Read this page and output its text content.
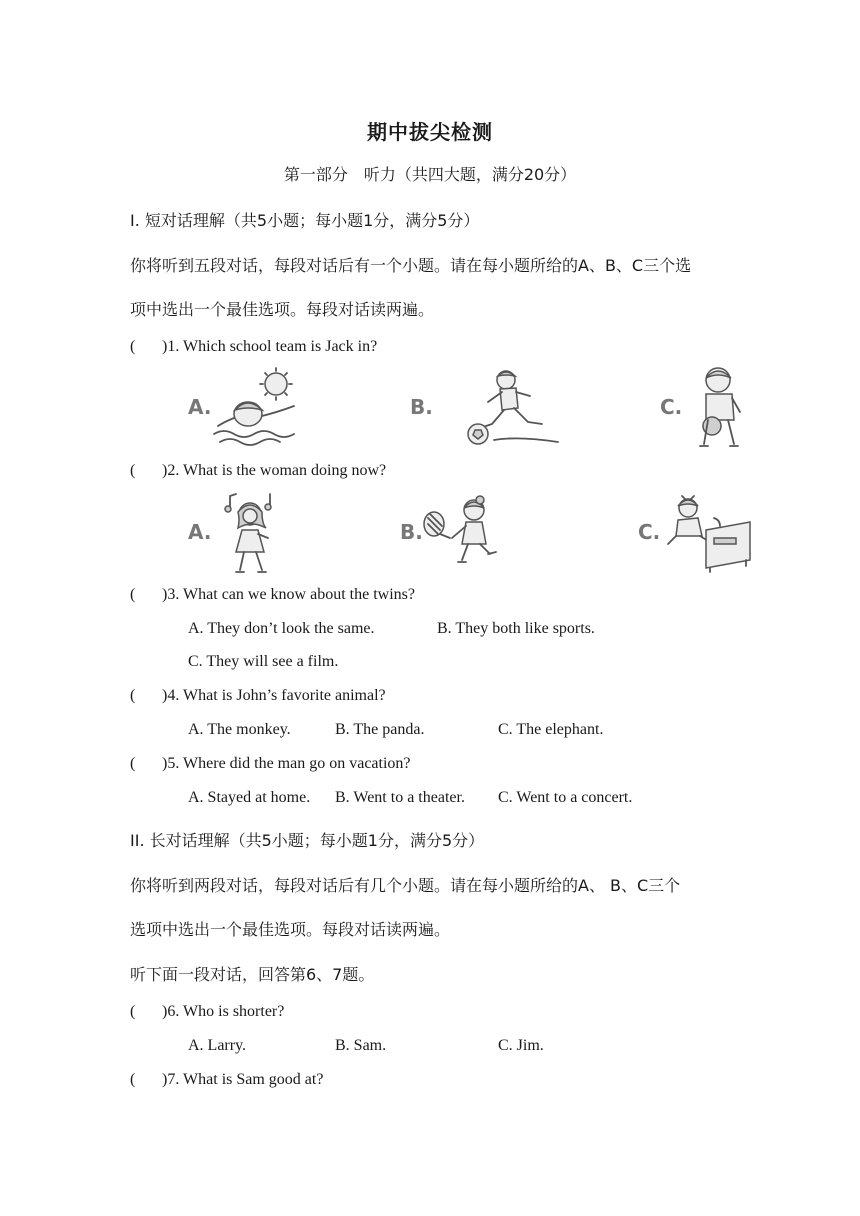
期中拔尖检测
第一部分　听力（共四大题，满分20分）
I. 短对话理解（共5小题；每小题1分，满分5分）
你将听到五段对话，每段对话后有一个小题。请在每小题所给的A、B、C三个选
项中选出一个最佳选项。每段对话读两遍。
( )1. Which school team is Jack in?
A.	B.	C.
( )2. What is the woman doing now?
A.	B.	C.
( )3. What can we know about the twins?
A. They don’t look the same.	B. They both like sports.
C. They will see a film.
( )4. What is John’s favorite animal?
A. The monkey.	B. The panda.	C. The elephant.
( )5. Where did the man go on vacation?
A. Stayed at home. B. Went to a theater. C. Went to a concert.
II. 长对话理解（共5小题；每小题1分，满分5分）
你将听到两段对话，每段对话后有几个小题。请在每小题所给的A、 B、C三个
选项中选出一个最佳选项。每段对话读两遍。
听下面一段对话，回答第6、7题。
( )6. Who is shorter?
A. Larry.	B. Sam.	C. Jim.
( )7. What is Sam good at?
